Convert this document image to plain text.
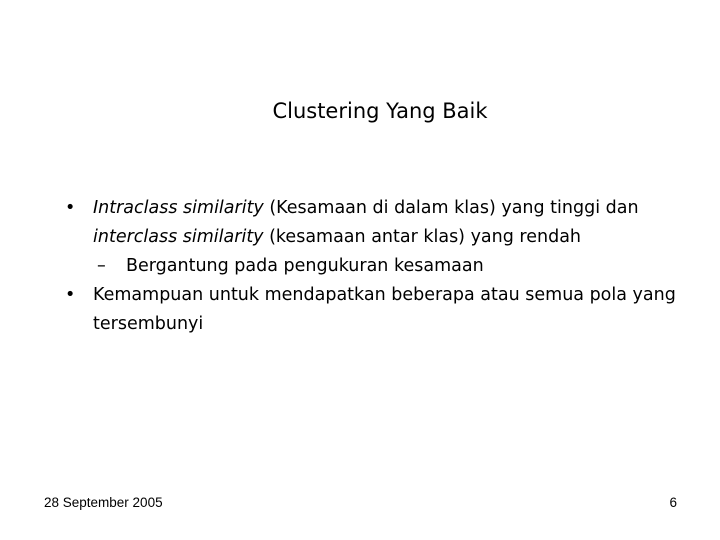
Clustering Yang Baik
• Intraclass similarity (Kesamaan di dalam klas) yang tinggi dan interclass similarity (kesamaan antar klas) yang rendah
– Bergantung pada pengukuran kesamaan
• Kemampuan untuk mendapatkan beberapa atau semua pola yang tersembunyi
28 September 2005	6
